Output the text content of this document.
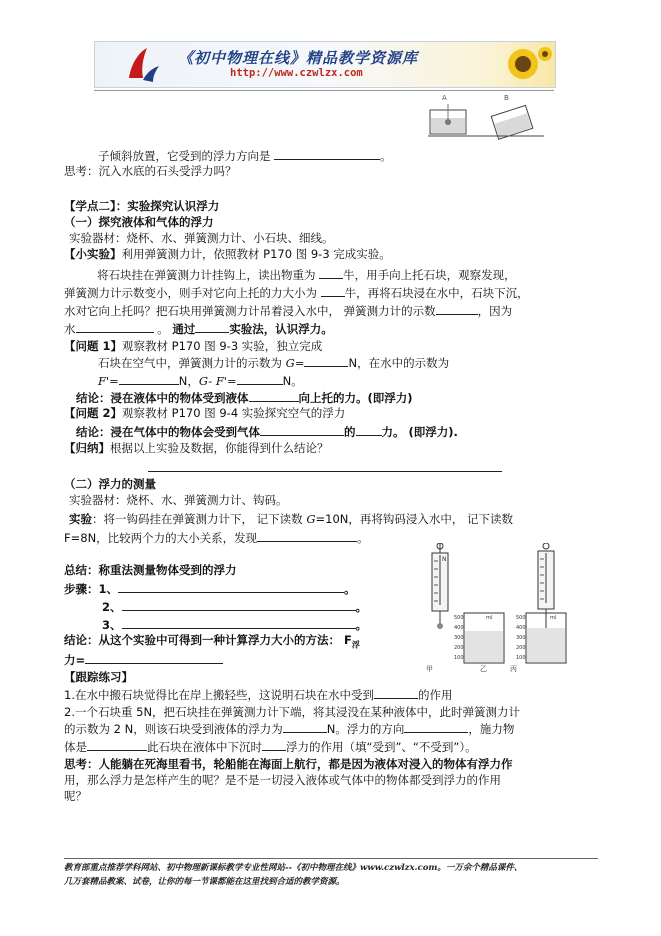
《初中物理在线》精品教学资源库
http://www.czwlzx.com
A	B
子倾斜放置，它受到的浮力方向是	。
思考：沉入水底的石头受浮力吗？
【学点二】：实验探究认识浮力
（一）探究液体和气体的浮力
实验器材：烧杯、水、弹簧测力计、小石块、细线。
【小实验】利用弹簧测力计，依照教材 P170 图 9-3 完成实验。
将石块挂在弹簧测力计挂钩上，读出物重为 牛，用手向上托石块，观察发现，
弹簧测力计示数变小，则手对它向上托的力大小为 牛，再将石块浸在水中，石块下沉，
水对它向上托吗？把石块用弹簧测力计吊着浸入水中， 弹簧测力计的示数	，因为
水	。 通过	实验法，认识浮力。
【问题 1】观察教材 P170 图 9-3 实验，独立完成
石块在空气中，弹簧测力计的示数为 G=	N，在水中的示数为
F'=	N，G- F'=	N。
结论：浸在液体中的物体受到液体	向上托的力。(即浮力)
【问题 2】观察教材 P170 图 9-4 实验探究空气的浮力
结论：浸在气体中的物体会受到气体	的 力。 (即浮力).
【归纳】根据以上实验及数据，你能得到什么结论？
（二）浮力的测量
实验器材：烧杯、水、弹簧测力计、钩码。
实验：将一钩码挂在弹簧测力计下， 记下读数 G=10N，再将钩码浸入水中， 记下读数
F=8N，比较两个力的大小关系，发现	。
总结：称重法测量物体受到的浮力
步骤：1、	。
2、	。
3、	。
结论：从这个实验中可得到一种计算浮力大小的方法： $F_浮$
力=
N
500
400
300
200
100
ml	500
400
300
200
100
ml
甲	乙	丙
【跟踪练习】
1.在水中搬石块觉得比在岸上搬轻些，这说明石块在水中受到	的作用
2.一个石块重 5N，把石块挂在弹簧测力计下端，将其浸没在某种液体中，此时弹簧测力计
的示数为 2 N，则该石块受到液体的浮力为	N。浮力的方向	，施力物
体是	此石块在液体中下沉时 浮力的作用（填“受到”、“不受到”）。
思考：人能躺在死海里看书，轮船能在海面上航行，都是因为液体对浸入的物体有浮力作
用，那么浮力是怎样产生的呢？是不是一切浸入液体或气体中的物体都受到浮力的作用
呢？
教育部重点推荐学科网站、初中物理新课标教学专业性网站--《初中物理在线》www.czwlzx.com。一万余个精品课件、
几万套精品教案、试卷，让你的每一节课都能在这里找到合适的教学资源。
